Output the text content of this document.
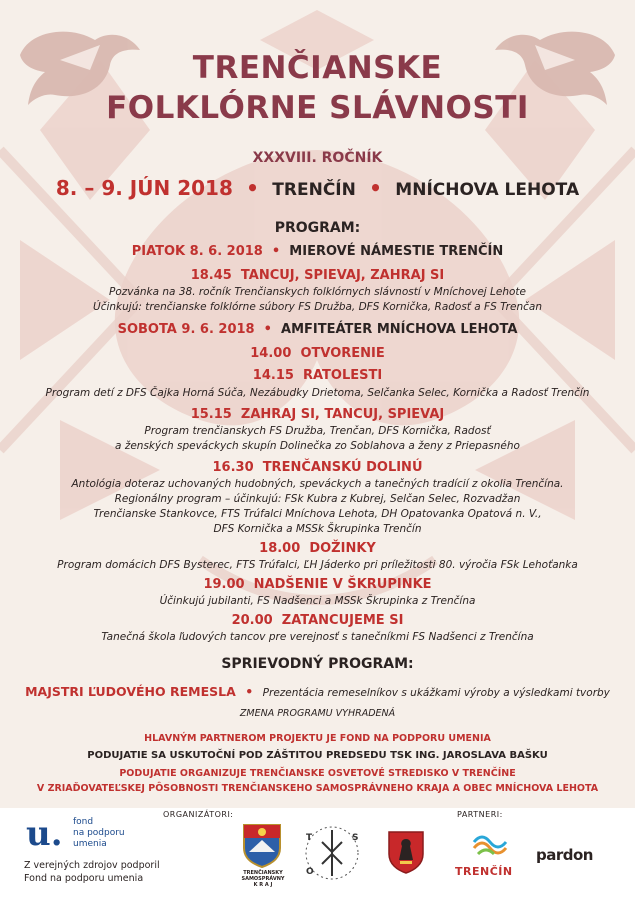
TRENČIANSKE
FOLKLÓRNE SLÁVNOSTI
XXXVIII. ROČNÍK
8. – 9. JÚN 2018  •  TRENČÍN  •  MNÍCHOVA LEHOTA
PROGRAM:
PIATOK 8. 6. 2018  •  MIEROVÉ NÁMESTIE TRENČÍN
18.45 TANCUJ, SPIEVAJ, ZAHRAJ SI
Pozvánka na 38. ročník Trenčianskych folklórnych slávností v Mníchovej Lehote
Účinkujú: trenčianske folklórne súbory FS Družba, DFS Kornička, Radosť a FS Trenčan
SOBOTA 9. 6. 2018  •  AMFITEÁTER MNÍCHOVA LEHOTA
14.00 OTVORENIE
14.15 RATOLESTI
Program detí z DFS Čajka Horná Súča, Nezábudky Drietoma, Selčanka Selec, Kornička a Radosť Trenčín
15.15 ZAHRAJ SI, TANCUJ, SPIEVAJ
Program trenčianskych FS Družba, Trenčan, DFS Kornička, Radosť
a ženských speváckych skupín Dolinečka zo Soblahova a ženy z Priepasného
16.30 TRENČANSKÚ DOLINÚ
Antológia doteraz uchovaných hudobných, speváckych a tanečných tradícií z okolia Trenčína.
Regionálny program – účinkujú: FSk Kubra z Kubrej, Selčan Selec, Rozvadžan
Trenčianske Stankovce, FTS Trúfalci Mníchova Lehota, DH Opatovanka Opatová n. V.,
DFS Kornička a MSSk Škrupinka Trenčín
18.00 DOŽINKY
Program domácich DFS Bysterec, FTS Trúfalci, ĽH Jáderko pri príležitosti 80. výročia FSk Lehoťanka
19.00 NADŠENIE V ŠKRUPINKE
Účinkujú jubilanti, FS Nadšenci a MSSk Škrupinka z Trenčína
20.00 ZATANCUJEME SI
Tanečná škola ľudových tancov pre verejnosť s tanečníkmi FS Nadšenci z Trenčína
SPRIEVODNÝ PROGRAM:
MAJSTRI ĽUDOVÉHO REMESLA  •  Prezentácia remeselníkov s ukážkami výroby a výsledkami tvorby
ZMENA PROGRAMU VYHRADENÁ
HLAVNÝM PARTNEROM PROJEKTU JE FOND NA PODPORU UMENIA
PODUJATIE SA USKUTOČNÍ POD ZÁŠTITOU PREDSEDU TSK ING. JAROSLAVA BAŠKU
PODUJATIE ORGANIZUJE TRENČIANSKE OSVETOVÉ STREDISKO V TRENČÍNE
V ZRIAĎOVATEĽSKEJ PÔSOBNOSTI TRENČIANSKEHO SAMOSPRÁVNEHO KRAJA A OBEC MNÍCHOVA LEHOTA
u. fond
na podporu
umenia
Z verejných zdrojov podporil
Fond na podporu umenia
ORGANIZÁTORI:	PARTNERI:
TRENČIANSKY
SAMOSPRÁVNY
K R A J
T	S
O	TRENČÍN
pardon
